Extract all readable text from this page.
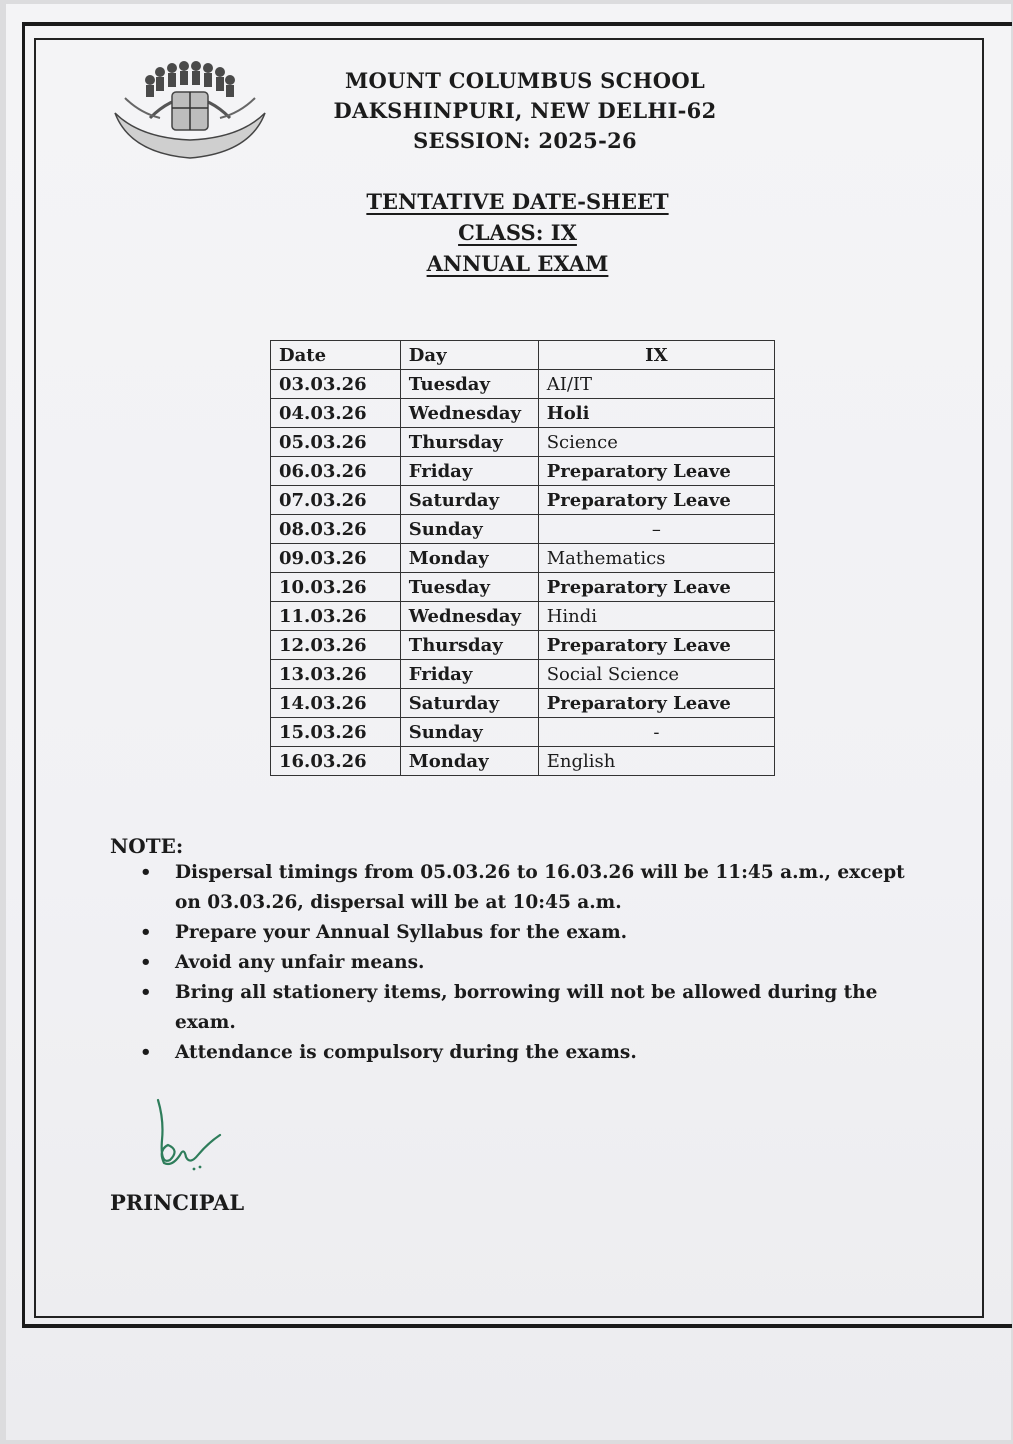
MOUNT COLUMBUS SCHOOL
DAKSHINPURI, NEW DELHI-62
SESSION: 2025-26
TENTATIVE DATE-SHEET
CLASS: IX
ANNUAL EXAM
Date	Day	IX
03.03.26	Tuesday	AI/IT
04.03.26	Wednesday	Holi
05.03.26	Thursday	Science
06.03.26	Friday	Preparatory Leave
07.03.26	Saturday	Preparatory Leave
08.03.26	Sunday	–
09.03.26	Monday	Mathematics
10.03.26	Tuesday	Preparatory Leave
11.03.26	Wednesday	Hindi
12.03.26	Thursday	Preparatory Leave
13.03.26	Friday	Social Science
14.03.26	Saturday	Preparatory Leave
15.03.26	Sunday	-
16.03.26	Monday	English
NOTE:
• Dispersal timings from 05.03.26 to 16.03.26 will be 11:45 a.m., except on 03.03.26, dispersal will be at 10:45 a.m.
• Prepare your Annual Syllabus for the exam.
• Avoid any unfair means.
• Bring all stationery items, borrowing will not be allowed during the exam.
• Attendance is compulsory during the exams.
PRINCIPAL
